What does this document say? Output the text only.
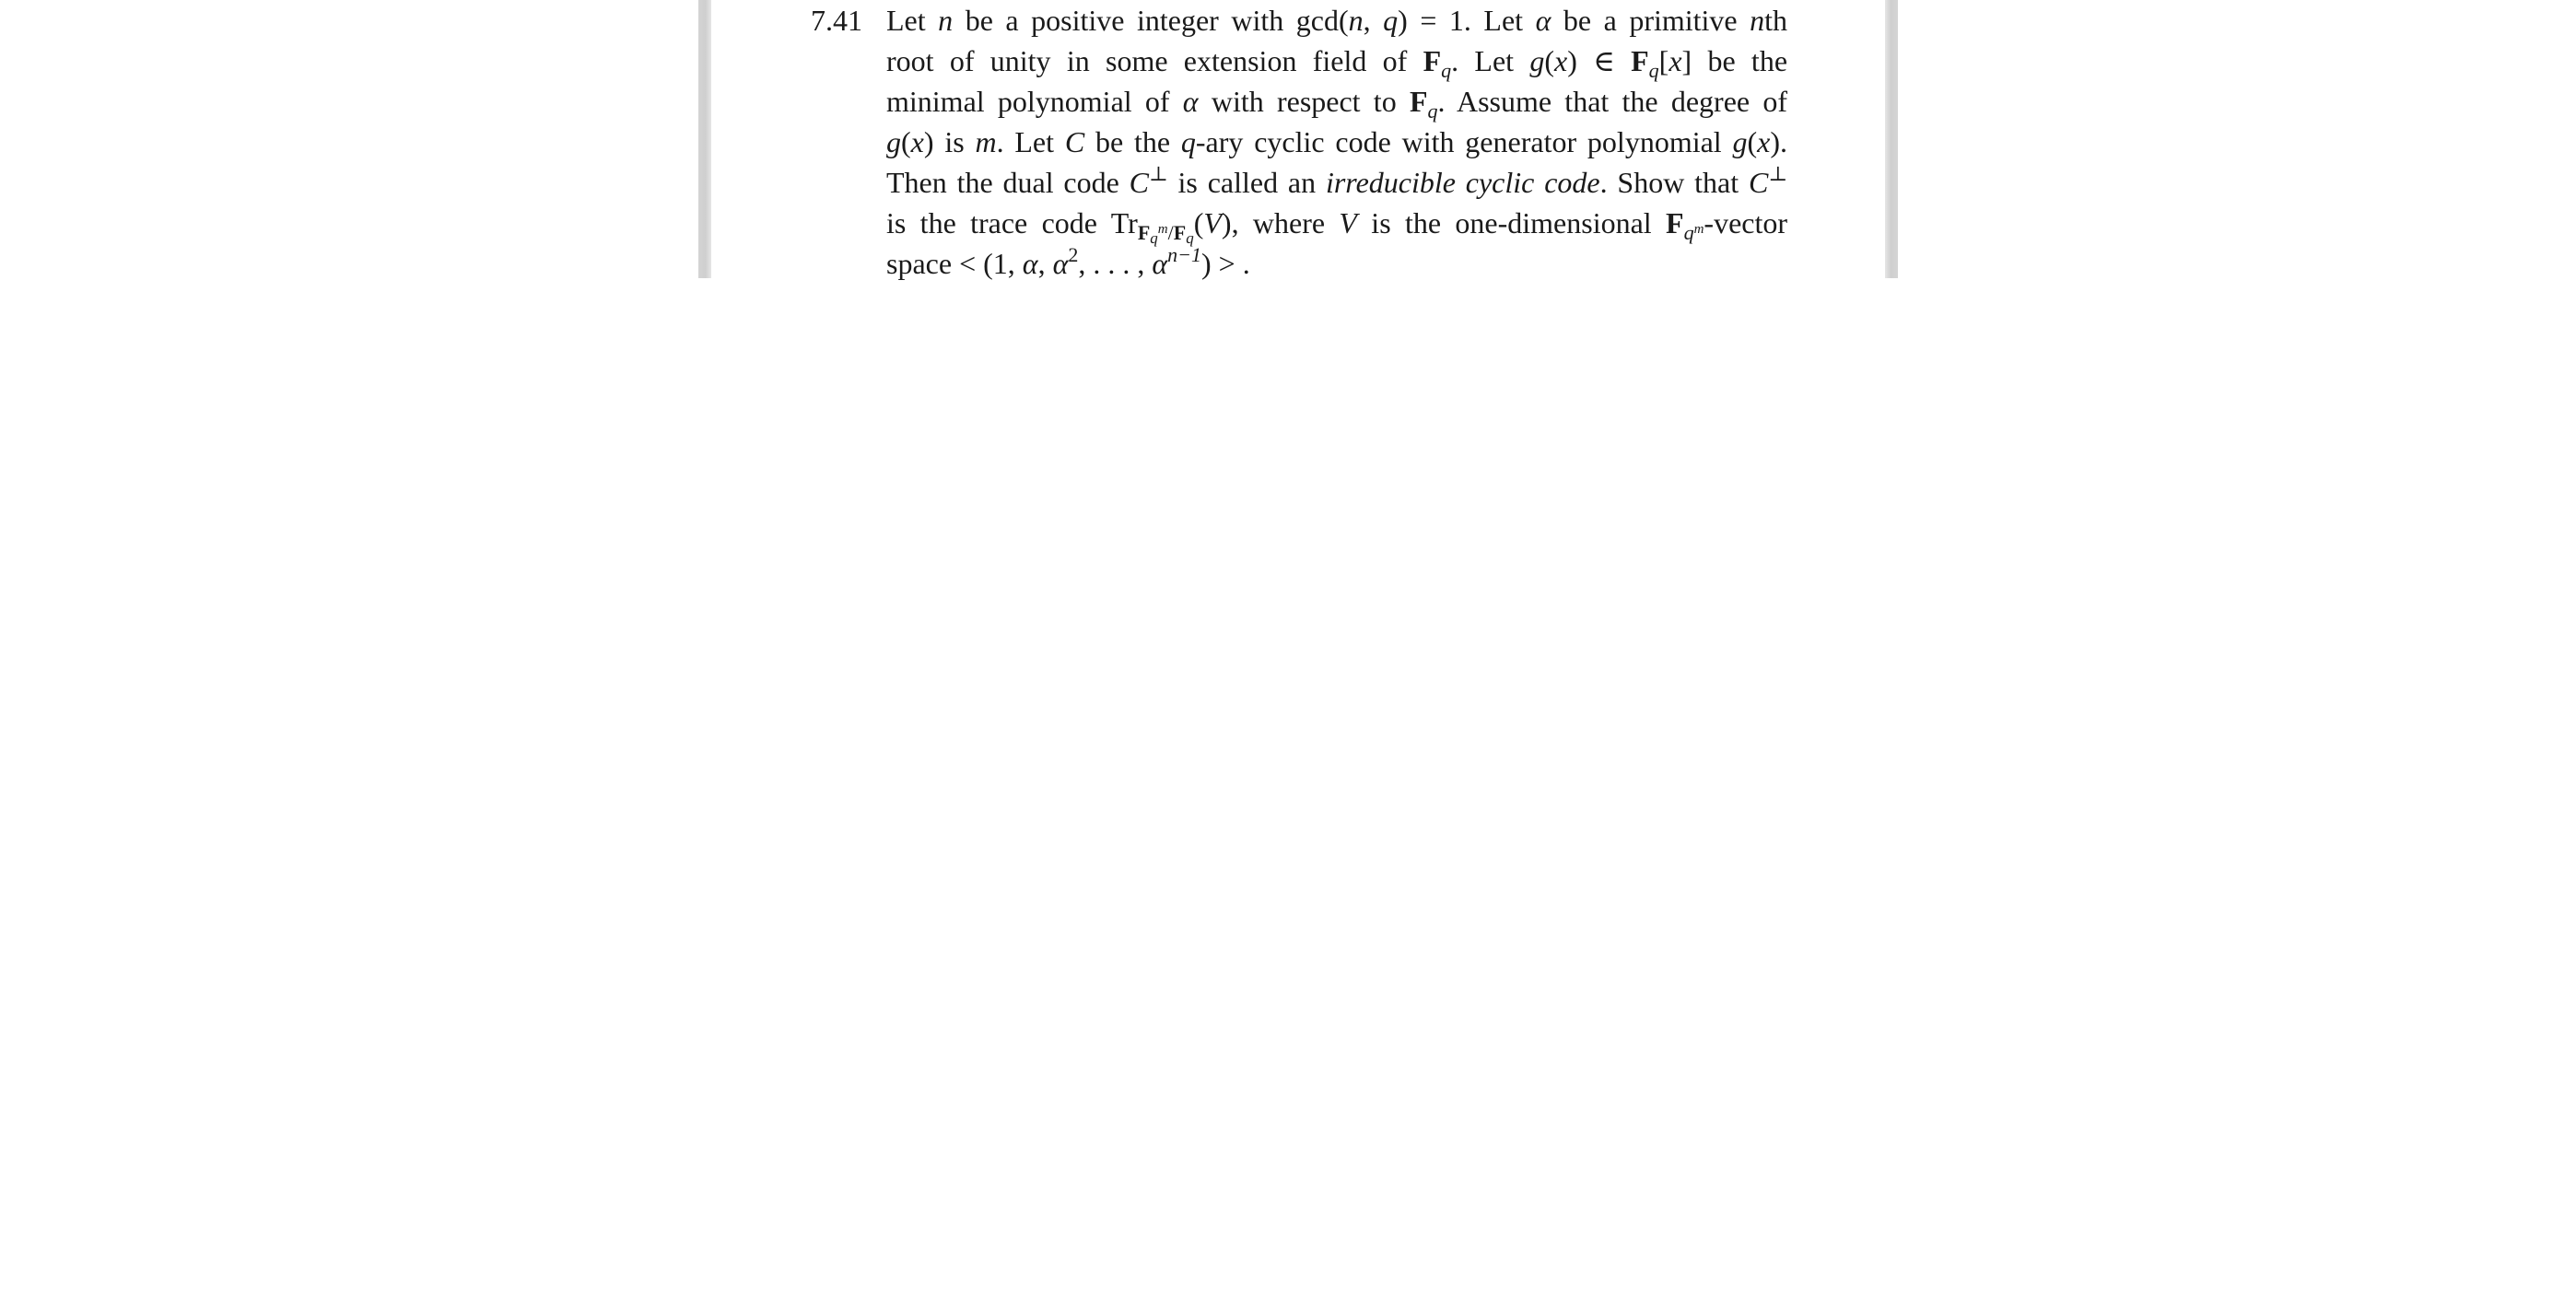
7.41 Let n be a positive integer with gcd(n, q) = 1. Let α be a primitive nth
root of unity in some extension field of $F_q$. Let g(x) ∈ $F_q[x]$ be the
minimal polynomial of α with respect to $F_q$. Assume that the degree of
g(x) is m. Let C be the q-ary cyclic code with generator polynomial g(x).
Then the dual code C⊥ is called an irreducible cyclic code. Show that C⊥
is the trace code $Tr_{Fq^m/Fq}(V)$, where V is the one-dimensional $F_{q^m}$-vector
space < (1, α, $\alpha^2$, . . . , $\alpha^{n-1}$) > .
